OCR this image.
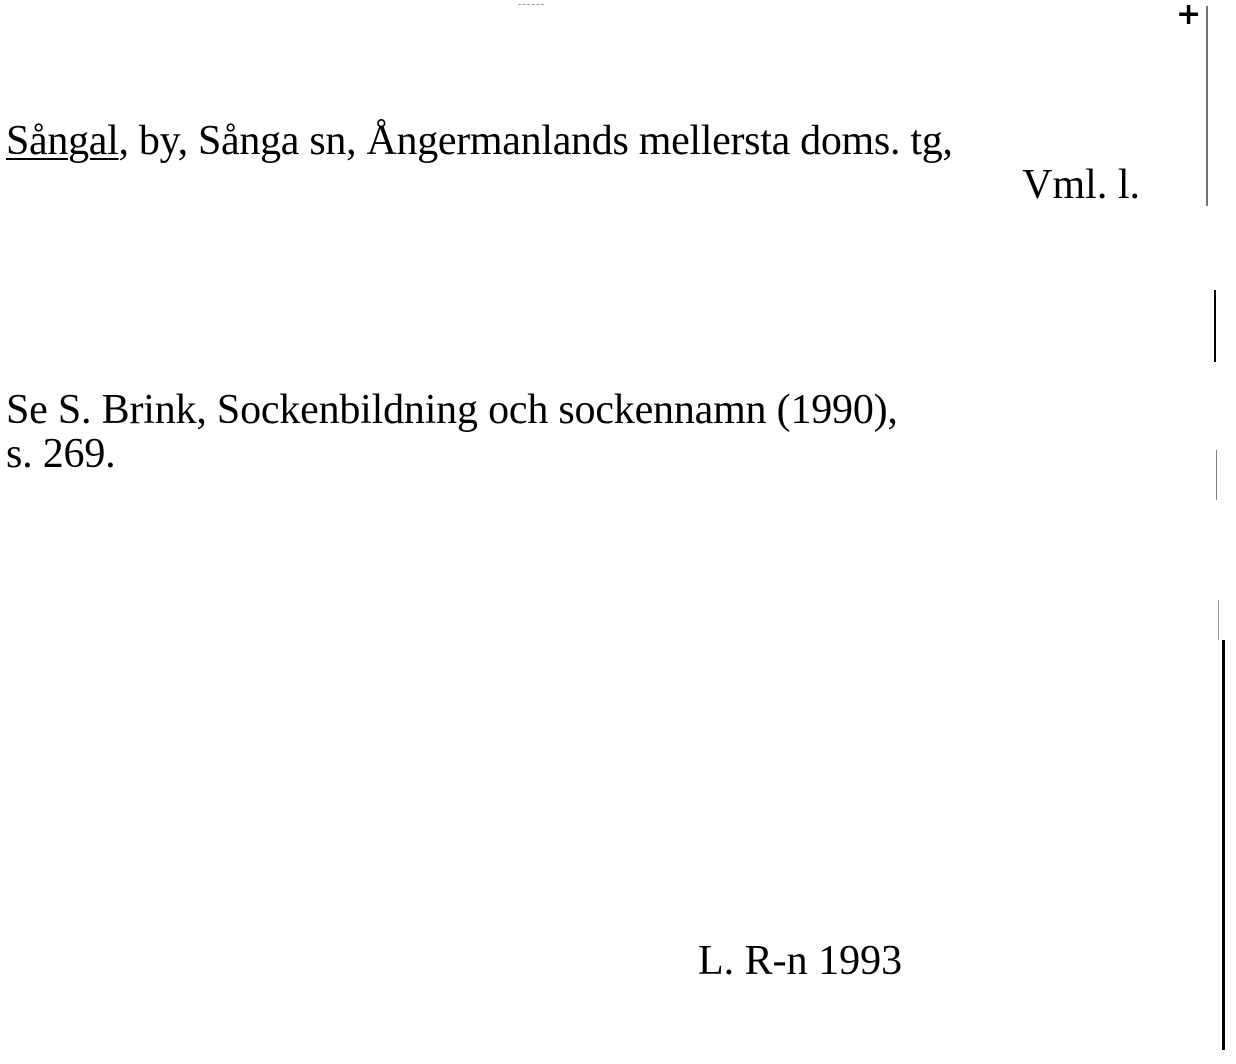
+
Sångal, by, Sånga sn, Ångermanlands mellersta doms. tg,
Vml. l.
Se S. Brink, Sockenbildning och sockennamn (1990),
s. 269.
L. R-n 1993
